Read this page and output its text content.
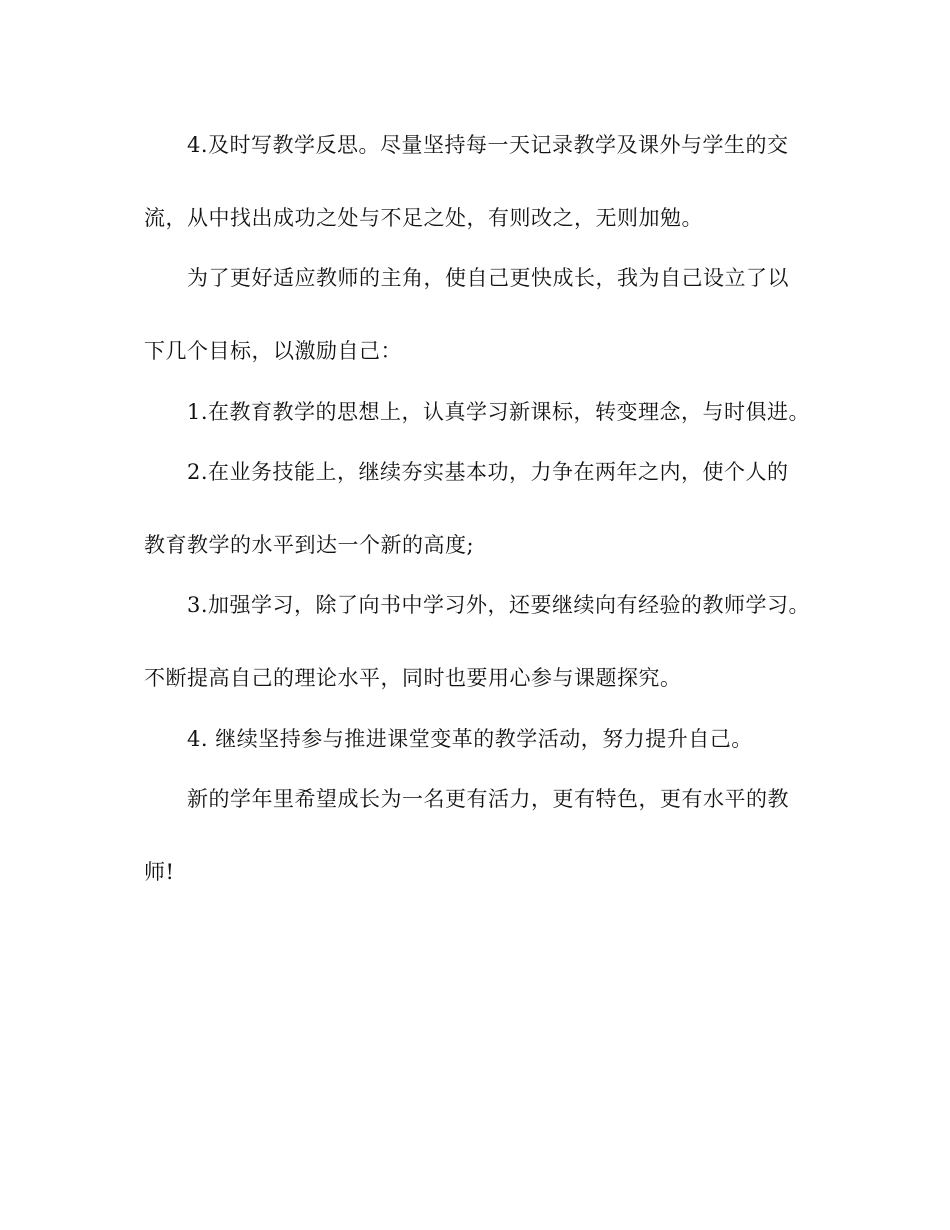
4.及时写教学反思。尽量坚持每一天记录教学及课外与学生的交
流，从中找出成功之处与不足之处，有则改之，无则加勉。
为了更好适应教师的主角，使自己更快成长，我为自己设立了以
下几个目标，以激励自己：
1.在教育教学的思想上，认真学习新课标，转变理念，与时俱进。
2.在业务技能上，继续夯实基本功，力争在两年之内，使个人的
教育教学的水平到达一个新的高度;
3.加强学习，除了向书中学习外，还要继续向有经验的教师学习。
不断提高自己的理论水平，同时也要用心参与课题探究。
4. 继续坚持参与推进课堂变革的教学活动，努力提升自己。
新的学年里希望成长为一名更有活力，更有特色，更有水平的教
师!
